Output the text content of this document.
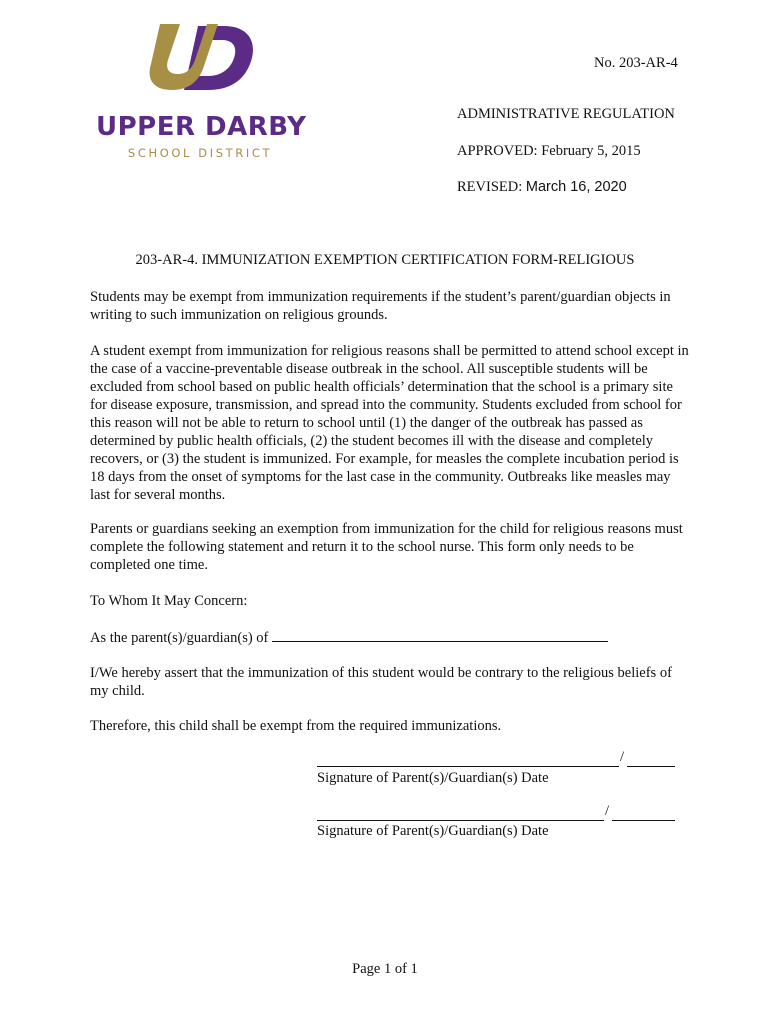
UPPER DARBY
SCHOOL DISTRICT
No. 203-AR-4
ADMINISTRATIVE REGULATION
APPROVED: February 5, 2015
REVISED: March 16, 2020
203-AR-4. IMMUNIZATION EXEMPTION CERTIFICATION FORM-RELIGIOUS

Students may be exempt from immunization requirements if the student’s parent/guardian objects in writing to such immunization on religious grounds.

A student exempt from immunization for religious reasons shall be permitted to attend school except in the case of a vaccine-preventable disease outbreak in the school. All susceptible students will be excluded from school based on public health officials’ determination that the school is a primary site for disease exposure, transmission, and spread into the community. Students excluded from school for this reason will not be able to return to school until (1) the danger of the outbreak has passed as determined by public health officials, (2) the student becomes ill with the disease and completely recovers, or (3) the student is immunized. For example, for measles the complete incubation period is 18 days from the onset of symptoms for the last case in the community. Outbreaks like measles may last for several months.

Parents or guardians seeking an exemption from immunization for the child for religious reasons must complete the following statement and return it to the school nurse. This form only needs to be completed one time.

To Whom It May Concern:

As the parent(s)/guardian(s) of

I/We hereby assert that the immunization of this student would be contrary to the religious beliefs of my child.

Therefore, this child shall be exempt from the required immunizations.

/
Signature of Parent(s)/Guardian(s) Date
/
Signature of Parent(s)/Guardian(s) Date
Page 1 of 1
